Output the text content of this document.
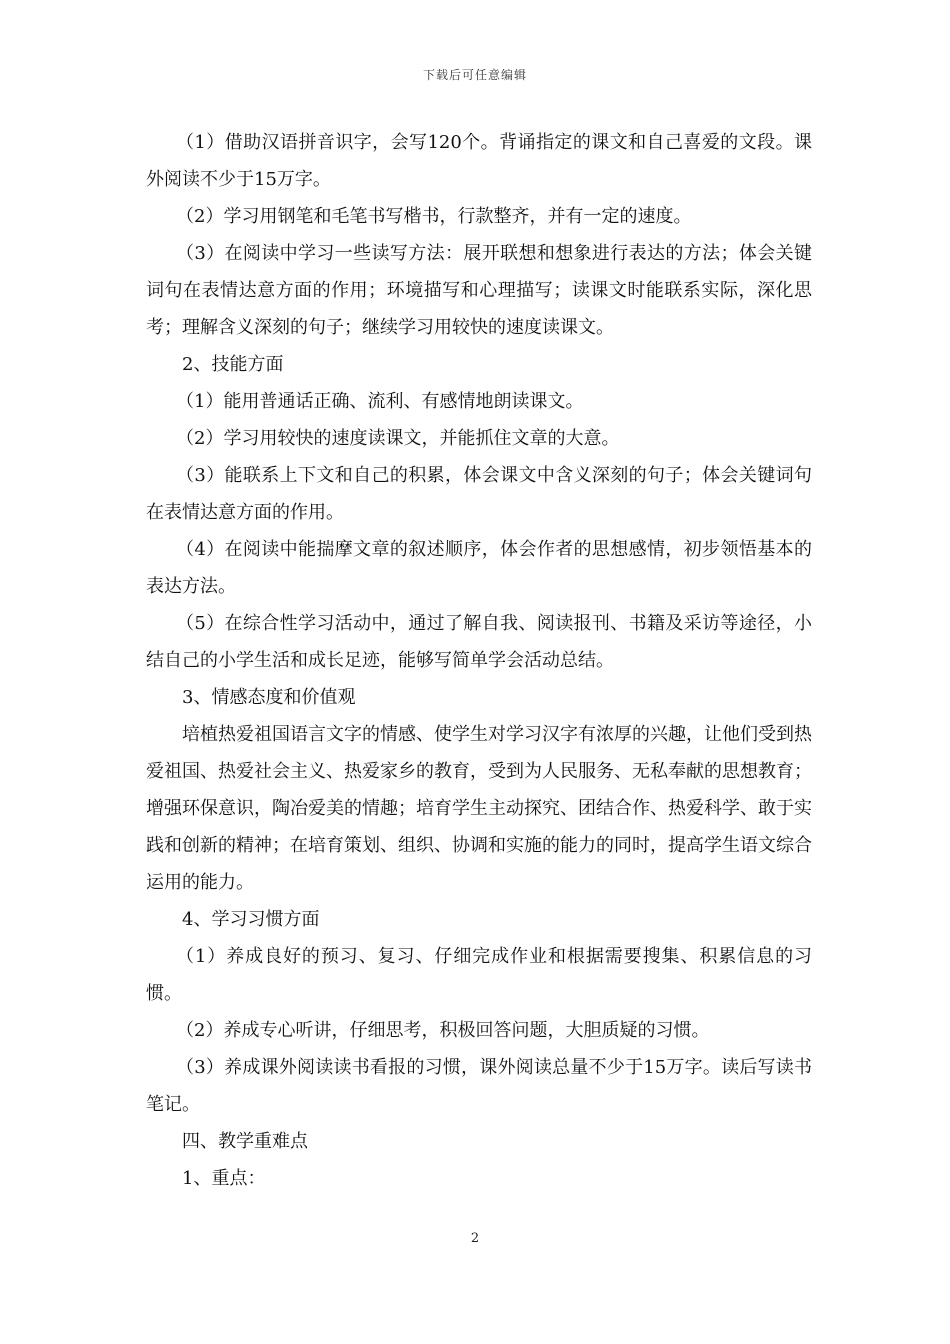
下载后可任意编辑

（1）借助汉语拼音识字，会写120个。背诵指定的课文和自己喜爱的文段。课外阅读不少于15万字。

（2）学习用钢笔和毛笔书写楷书，行款整齐，并有一定的速度。

（3）在阅读中学习一些读写方法：展开联想和想象进行表达的方法；体会关键词句在表情达意方面的作用；环境描写和心理描写；读课文时能联系实际，深化思考；理解含义深刻的句子；继续学习用较快的速度读课文。

2、技能方面

（1）能用普通话正确、流利、有感情地朗读课文。

（2）学习用较快的速度读课文，并能抓住文章的大意。

（3）能联系上下文和自己的积累，体会课文中含义深刻的句子；体会关键词句在表情达意方面的作用。

（4）在阅读中能揣摩文章的叙述顺序，体会作者的思想感情，初步领悟基本的表达方法。

（5）在综合性学习活动中，通过了解自我、阅读报刊、书籍及采访等途径，小结自己的小学生活和成长足迹，能够写简单学会活动总结。

3、情感态度和价值观

培植热爱祖国语言文字的情感、使学生对学习汉字有浓厚的兴趣，让他们受到热爱祖国、热爱社会主义、热爱家乡的教育，受到为人民服务、无私奉献的思想教育；增强环保意识，陶冶爱美的情趣；培育学生主动探究、团结合作、热爱科学、敢于实践和创新的精神；在培育策划、组织、协调和实施的能力的同时，提高学生语文综合运用的能力。

4、学习习惯方面

（1）养成良好的预习、复习、仔细完成作业和根据需要搜集、积累信息的习惯。

（2）养成专心听讲，仔细思考，积极回答问题，大胆质疑的习惯。

（3）养成课外阅读读书看报的习惯，课外阅读总量不少于15万字。读后写读书笔记。

四、教学重难点

1、重点：

2
